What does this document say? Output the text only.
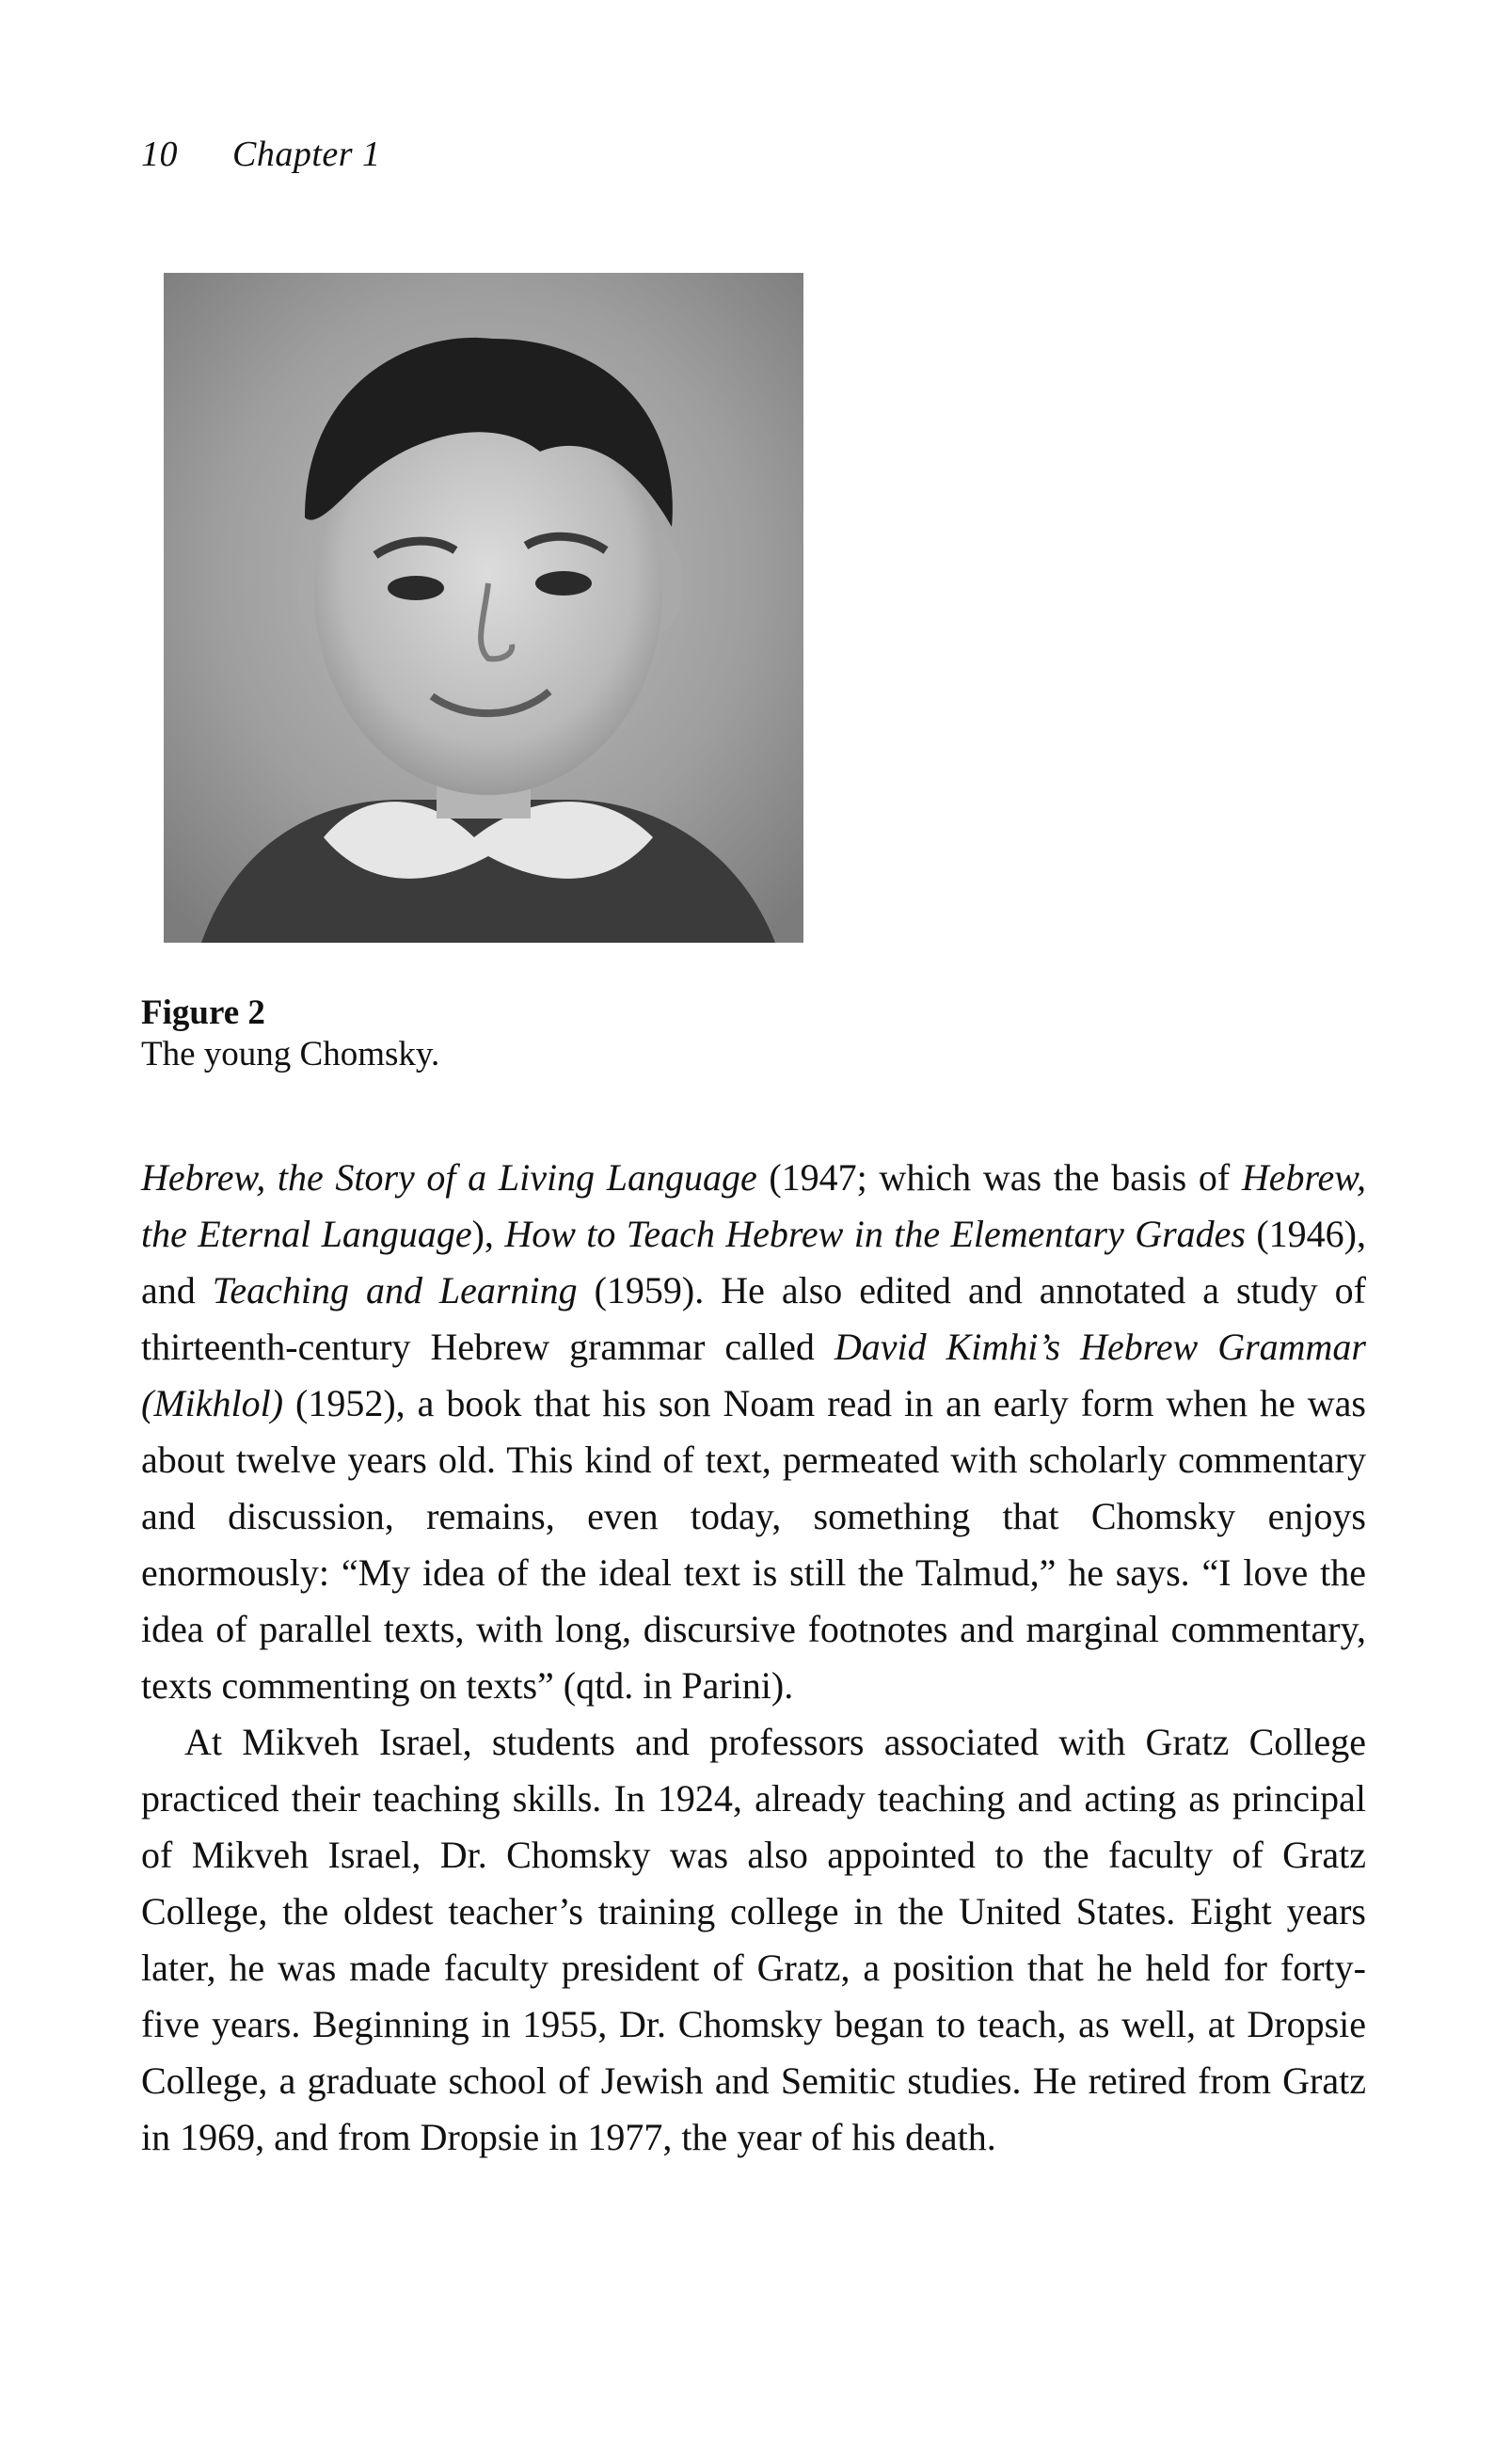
10 Chapter 1
Figure 2
The young Chomsky.

Hebrew, the Story of a Living Language (1947; which was the basis of Hebrew, the Eternal Language), How to Teach Hebrew in the Elementary Grades (1946), and Teaching and Learning (1959). He also edited and annotated a study of thirteenth-century Hebrew grammar called David Kimhi’s Hebrew Grammar (Mikhlol) (1952), a book that his son Noam read in an early form when he was about twelve years old. This kind of text, permeated with scholarly commentary and discussion, remains, even today, something that Chomsky enjoys enormously: “My idea of the ideal text is still the Talmud,” he says. “I love the idea of parallel texts, with long, discursive footnotes and marginal commentary, texts commenting on texts” (qtd. in Parini).

At Mikveh Israel, students and professors associated with Gratz College practiced their teaching skills. In 1924, already teaching and acting as principal of Mikveh Israel, Dr. Chomsky was also appointed to the faculty of Gratz College, the oldest teacher’s training college in the United States. Eight years later, he was made faculty president of Gratz, a position that he held for forty-five years. Beginning in 1955, Dr. Chomsky began to teach, as well, at Dropsie College, a graduate school of Jewish and Semitic studies. He retired from Gratz in 1969, and from Dropsie in 1977, the year of his death.
